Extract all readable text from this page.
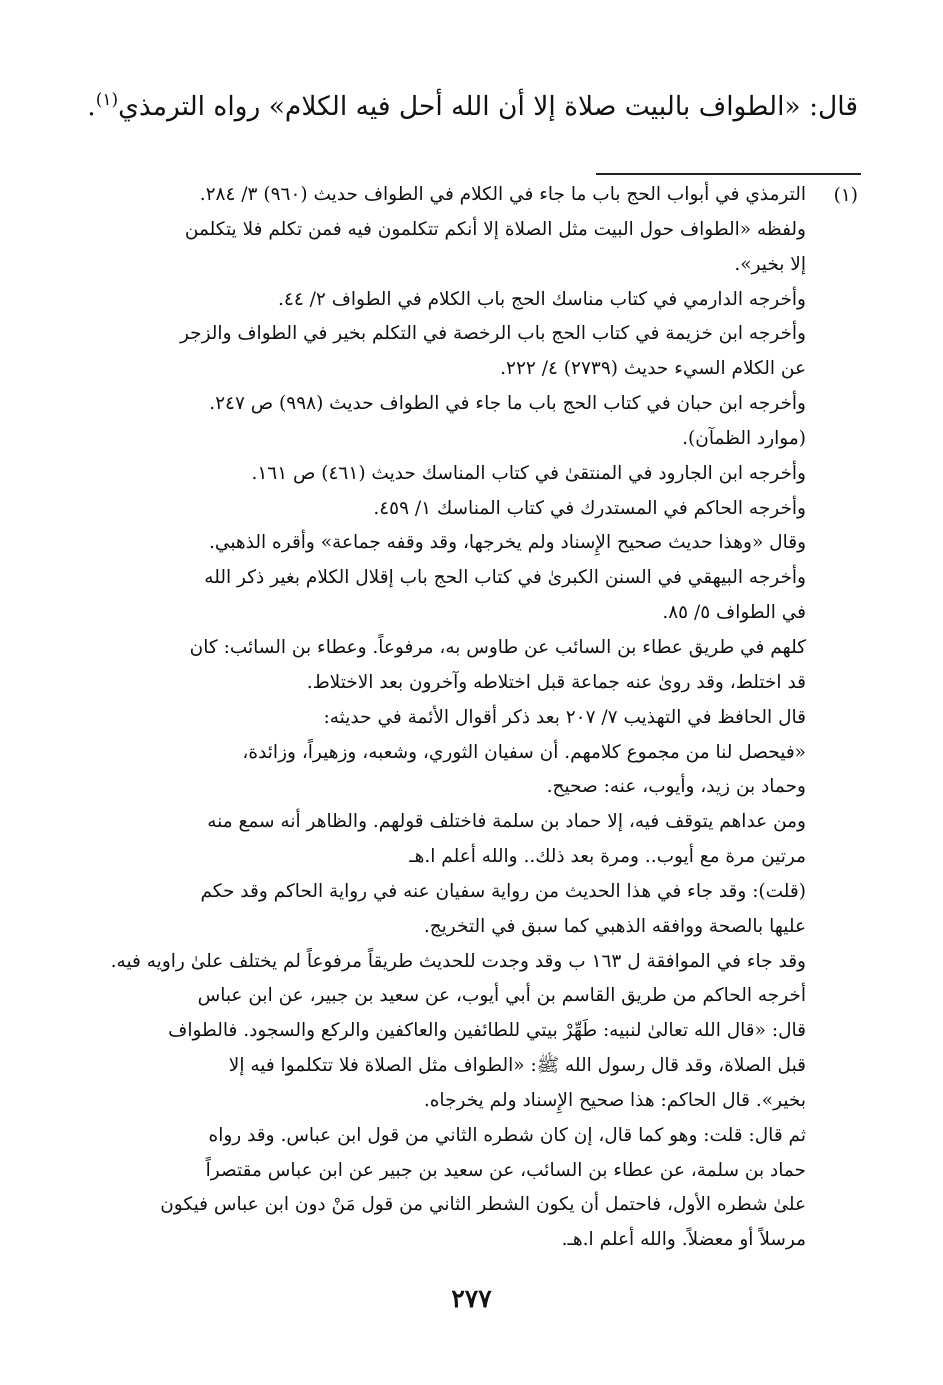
قال: «الطواف بالبيت صلاة إلا أن الله أحل فيه الكلام» رواه الترمذي$^{(١)}$.
(١)
الترمذي في أبواب الحج باب ما جاء في الكلام في الطواف حديث (٩٦٠) ٣/ ٢٨٤.
ولفظه «الطواف حول البيت مثل الصلاة إلا أنكم تتكلمون فيه فمن تكلم فلا يتكلمن
إلا بخير».
وأخرجه الدارمي في كتاب مناسك الحج باب الكلام في الطواف ٢/ ٤٤.
وأخرجه ابن خزيمة في كتاب الحج باب الرخصة في التكلم بخير في الطواف والزجر
عن الكلام السيء حديث (٢٧٣٩) ٤/ ٢٢٢.
وأخرجه ابن حبان في كتاب الحج باب ما جاء في الطواف حديث (٩٩٨) ص ٢٤٧.
(موارد الظمآن).
وأخرجه ابن الجارود في المنتقىٰ في كتاب المناسك حديث (٤٦١) ص ١٦١.
وأخرجه الحاكم في المستدرك في كتاب المناسك ١/ ٤٥٩.
وقال «وهذا حديث صحيح الإِسناد ولم يخرجها، وقد وقفه جماعة» وأقره الذهبي.
وأخرجه البيهقي في السنن الكبرىٰ في كتاب الحج باب إقلال الكلام بغير ذكر الله
في الطواف ٥/ ٨٥.
كلهم في طريق عطاء بن السائب عن طاوس به، مرفوعاً. وعطاء بن السائب: كان
قد اختلط، وقد روىٰ عنه جماعة قبل اختلاطه وآخرون بعد الاختلاط.
قال الحافظ في التهذيب ٧/ ٢٠٧ بعد ذكر أقوال الأئمة في حديثه:
«فيحصل لنا من مجموع كلامهم. أن سفيان الثوري، وشعبه، وزهيراً، وزائدة،
وحماد بن زيد، وأيوب، عنه: صحيح.
ومن عداهم يتوقف فيه، إلا حماد بن سلمة فاختلف قولهم. والظاهر أنه سمع منه
مرتين مرة مع أيوب.. ومرة بعد ذلك.. والله أعلم ا.هـ
(قلت): وقد جاء في هذا الحديث من رواية سفيان عنه في رواية الحاكم وقد حكم
عليها بالصحة ووافقه الذهبي كما سبق في التخريج.
وقد جاء في الموافقة ل ١٦٣ ب وقد وجدت للحديث طريقاً مرفوعاً لم يختلف علىٰ راويه فيه.
أخرجه الحاكم من طريق القاسم بن أبي أيوب، عن سعيد بن جبير، عن ابن عباس
قال: «قال الله تعالىٰ لنبيه: طَهِّرْ بيتي للطائفين والعاكفين والركع والسجود. فالطواف
قبل الصلاة، وقد قال رسول الله ﷺ: «الطواف مثل الصلاة فلا تتكلموا فيه إلا
بخير». قال الحاكم: هذا صحيح الإِسناد ولم يخرجاه.
ثم قال: قلت: وهو كما قال، إن كان شطره الثاني من قول ابن عباس. وقد رواه
حماد بن سلمة، عن عطاء بن السائب، عن سعيد بن جبير عن ابن عباس مقتصراً
علىٰ شطره الأول، فاحتمل أن يكون الشطر الثاني من قول مَنْ دون ابن عباس فيكون
مرسلاً أو معضلاً. والله أعلم ا.هـ.
٢٧٧
